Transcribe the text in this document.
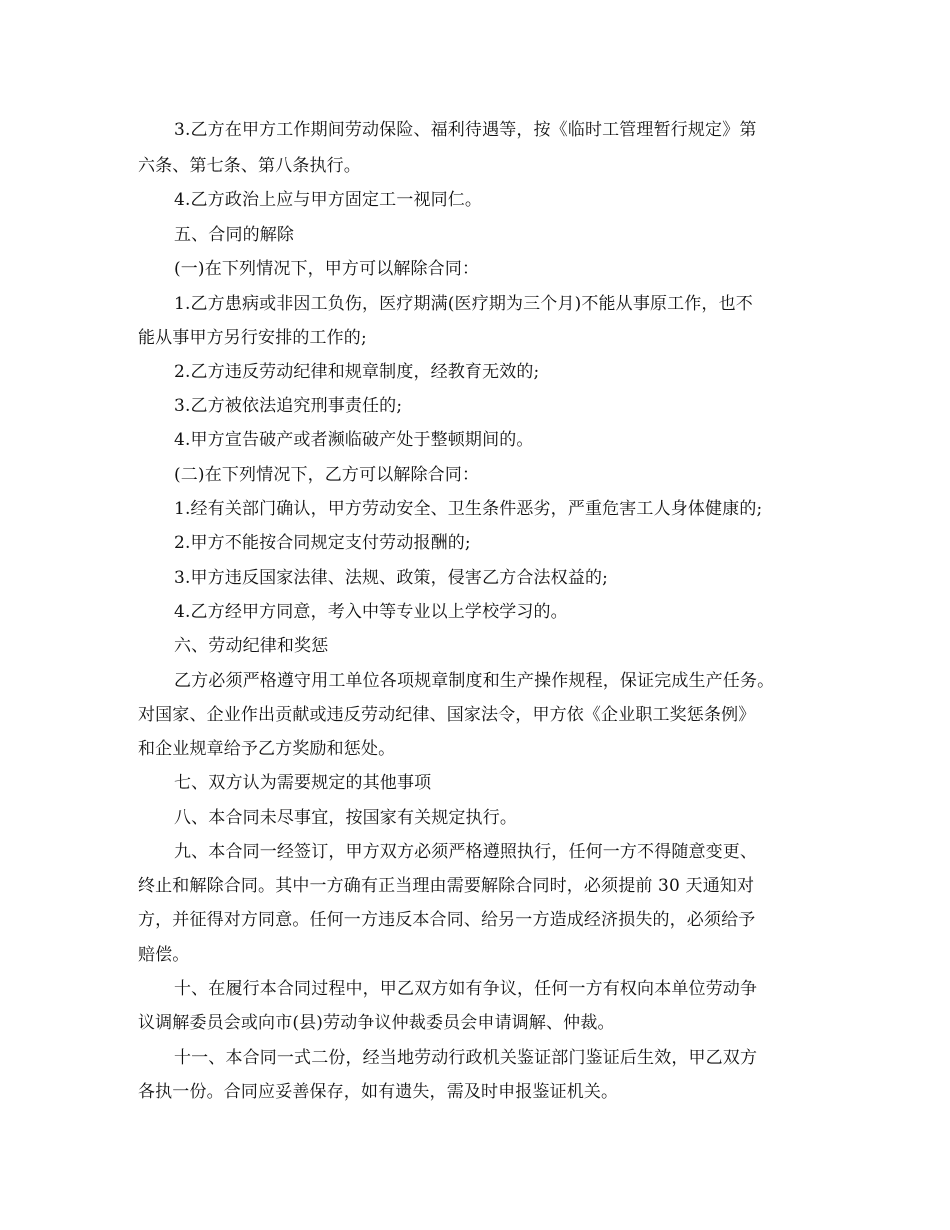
3.乙方在甲方工作期间劳动保险、福利待遇等，按《临时工管理暂行规定》第
六条、第七条、第八条执行。
4.乙方政治上应与甲方固定工一视同仁。
五、合同的解除
(一)在下列情况下，甲方可以解除合同：
1.乙方患病或非因工负伤，医疗期满(医疗期为三个月)不能从事原工作，也不
能从事甲方另行安排的工作的;
2.乙方违反劳动纪律和规章制度，经教育无效的;
3.乙方被依法追究刑事责任的;
4.甲方宣告破产或者濒临破产处于整顿期间的。
(二)在下列情况下，乙方可以解除合同：
1.经有关部门确认，甲方劳动安全、卫生条件恶劣，严重危害工人身体健康的;
2.甲方不能按合同规定支付劳动报酬的;
3.甲方违反国家法律、法规、政策，侵害乙方合法权益的;
4.乙方经甲方同意，考入中等专业以上学校学习的。
六、劳动纪律和奖惩
乙方必须严格遵守用工单位各项规章制度和生产操作规程，保证完成生产任务。
对国家、企业作出贡献或违反劳动纪律、国家法令，甲方依《企业职工奖惩条例》
和企业规章给予乙方奖励和惩处。
七、双方认为需要规定的其他事项
八、本合同未尽事宜，按国家有关规定执行。
九、本合同一经签订，甲方双方必须严格遵照执行，任何一方不得随意变更、
终止和解除合同。其中一方确有正当理由需要解除合同时，必须提前 30 天通知对
方，并征得对方同意。任何一方违反本合同、给另一方造成经济损失的，必须给予
赔偿。
十、在履行本合同过程中，甲乙双方如有争议，任何一方有权向本单位劳动争
议调解委员会或向市(县)劳动争议仲裁委员会申请调解、仲裁。
十一、本合同一式二份，经当地劳动行政机关鉴证部门鉴证后生效，甲乙双方
各执一份。合同应妥善保存，如有遗失，需及时申报鉴证机关。
